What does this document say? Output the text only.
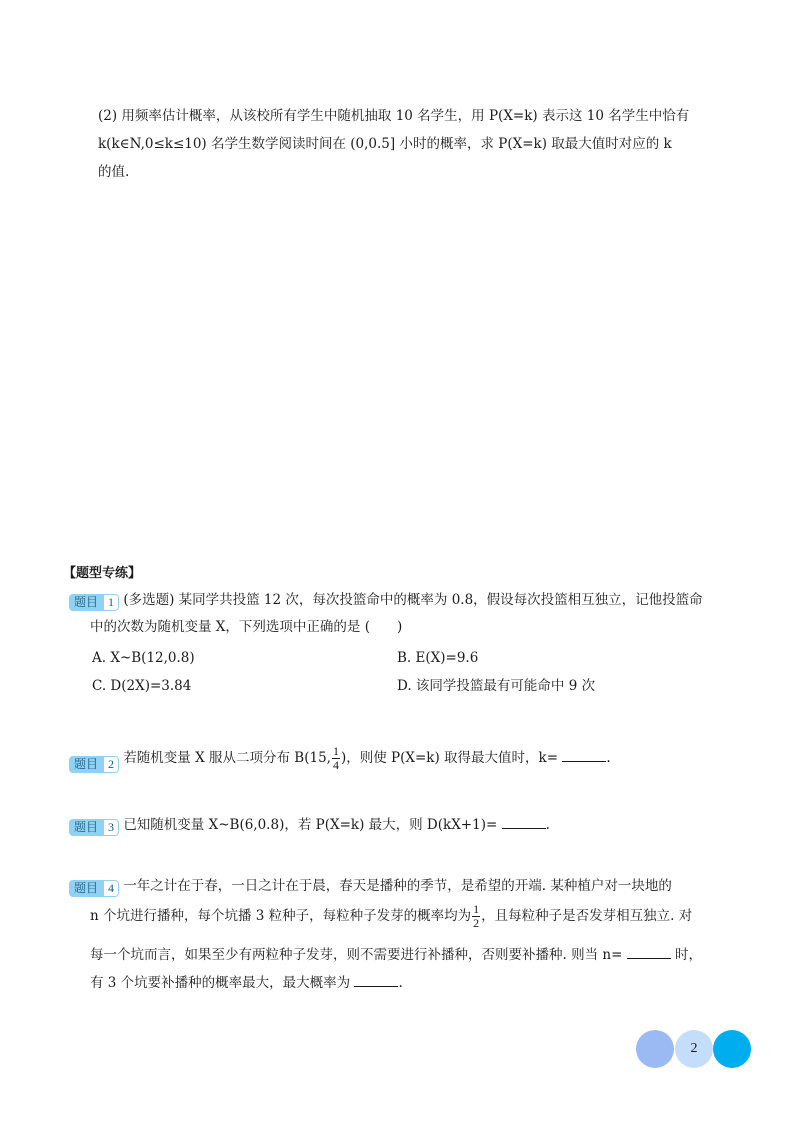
(2) 用频率估计概率，从该校所有学生中随机抽取 10 名学生，用 P(X=k) 表示这 10 名学生中恰有
k(k∈N,0≤k≤10) 名学生数学阅读时间在 (0,0.5] 小时的概率，求 P(X=k) 取最大值时对应的 k
的值.
【题型专练】
题目 1 (多选题) 某同学共投篮 12 次，每次投篮命中的概率为 0.8，假设每次投篮相互独立，记他投篮命
中的次数为随机变量 X，下列选项中正确的是 (　　)
A. X~B(12,0.8)	B. E(X)=9.6
C. D(2X)=3.84	D. 该同学投篮最有可能命中 9 次
题目 2 若随机变量 X 服从二项分布 B(15, $\frac{1}{4}$ )，则使 P(X=k) 取得最大值时，k=	.
题目 3 已知随机变量 X~B(6,0.8)，若 P(X=k) 最大，则 D(kX+1)=	.
题目 4 一年之计在于春，一日之计在于晨，春天是播种的季节，是希望的开端. 某种植户对一块地的
n 个坑进行播种，每个坑播 3 粒种子，每粒种子发芽的概率均为 $\frac{1}{2}$ ，且每粒种子是否发芽相互独立. 对
每一个坑而言，如果至少有两粒种子发芽，则不需要进行补播种，否则要补播种. 则当 n=	时，
有 3 个坑要补播种的概率最大，最大概率为	.
2
